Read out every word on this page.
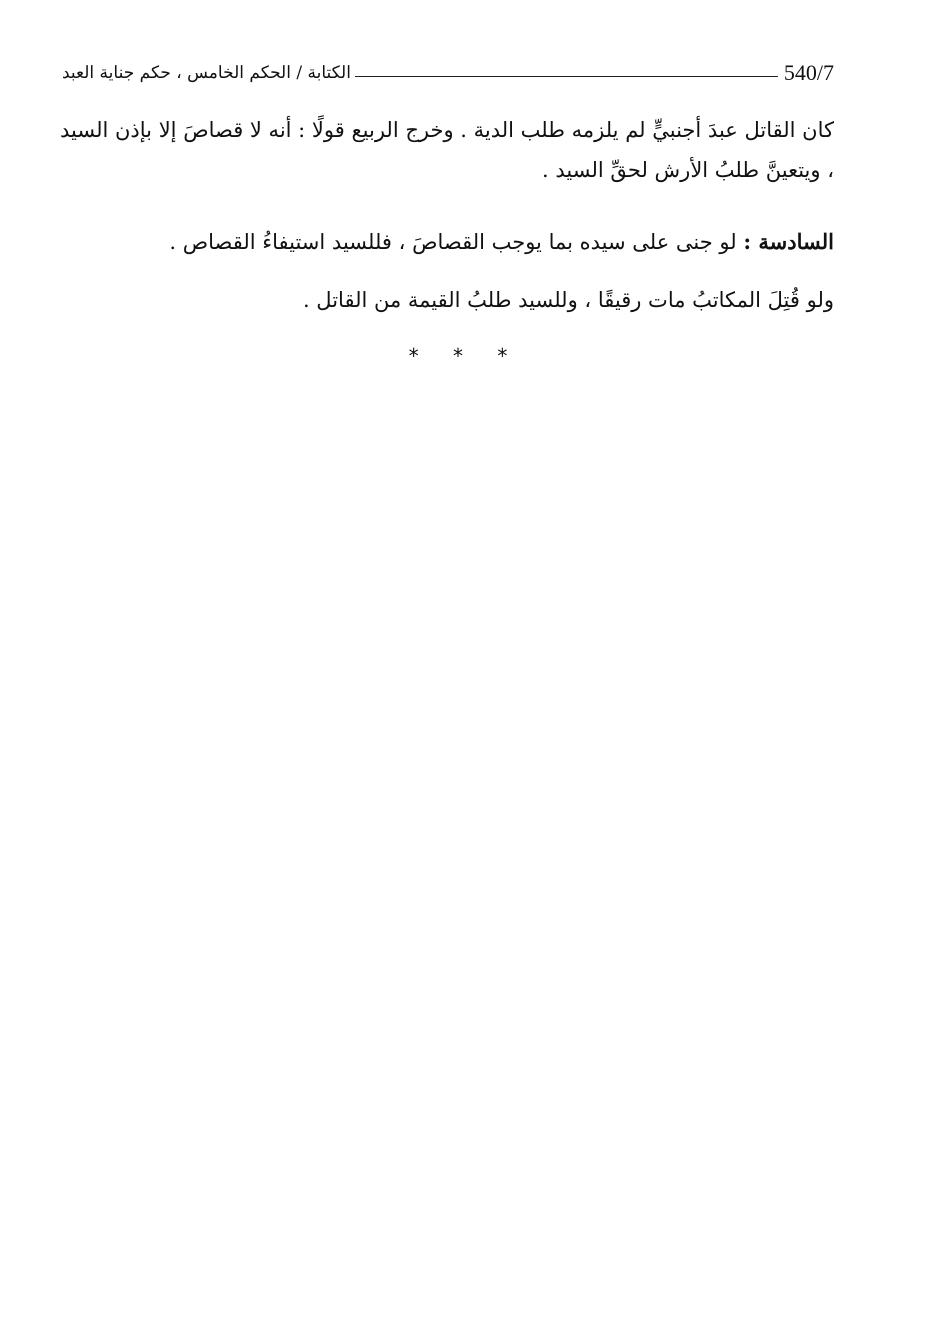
الكتابة / الحكم الخامس ، حكم جناية العبد	540/7

كان القاتل عبدَ أجنبيٍّ لم يلزمه طلب الدية . وخرج الربيع قولًا : أنه لا قصاصَ إلا بإذن السيد ، ويتعينَّ طلبُ الأرش لحقِّ السيد .

السادسة : لو جنى على سيده بما يوجب القصاصَ ، فللسيد استيفاءُ القصاص .

ولو قُتِلَ المكاتبُ مات رقيقًا ، وللسيد طلبُ القيمة من القاتل .

* * *
